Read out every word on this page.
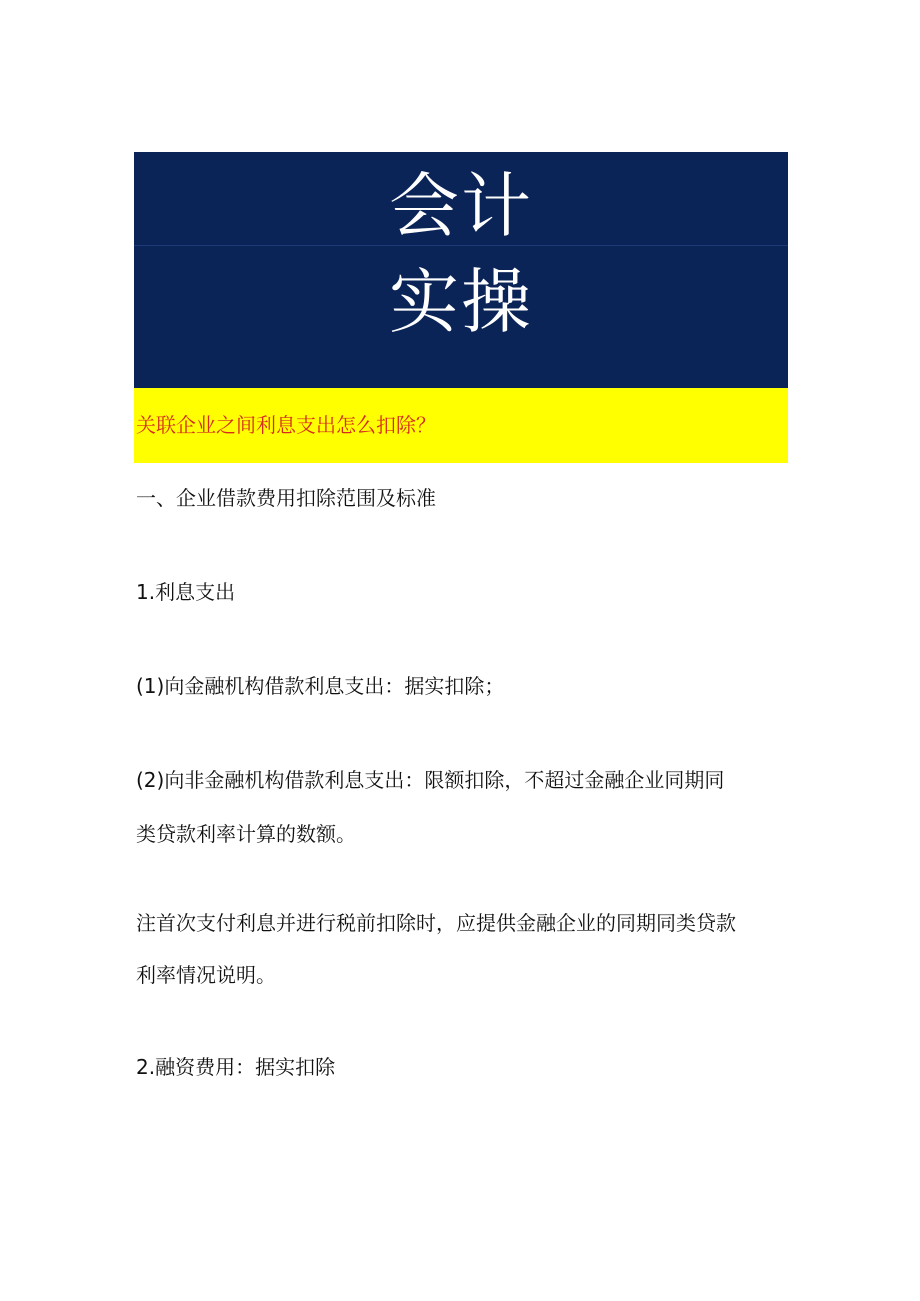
会计
实操
关联企业之间利息支出怎么扣除？
一、企业借款费用扣除范围及标准
1.利息支出
(1)向金融机构借款利息支出：据实扣除；
(2)向非金融机构借款利息支出：限额扣除，不超过金融企业同期同
类贷款利率计算的数额。
注首次支付利息并进行税前扣除时，应提供金融企业的同期同类贷款
利率情况说明。
2.融资费用：据实扣除
